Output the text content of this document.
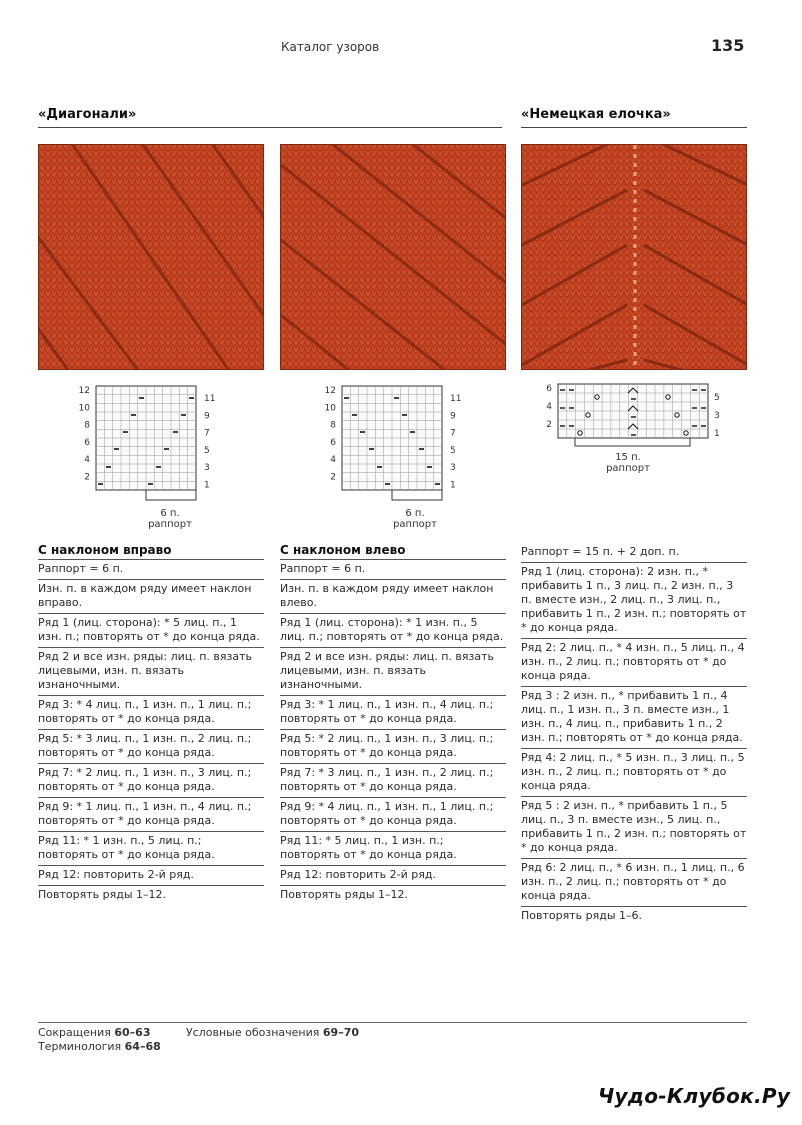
Каталог узоров	135
«Диагонали»	«Немецкая елочка»
12
10
8
6
4
2
11
9
7
5
3
1
6 п.
раппорт
12
10
8
6
4
2
11
9
7
5
3
1
6 п.
раппорт
6
4
2
5
3
1
15 п.
раппорт
С наклоном вправо
Раппорт = 6 п.
Изн. п. в каждом ряду имеет наклон вправо.
Ряд 1 (лиц. сторона): * 5 лиц. п., 1 изн. п.; повторять от * до конца ряда.
Ряд 2 и все изн. ряды: лиц. п. вязать лицевыми, изн. п. вязать изнаночными.
Ряд 3: * 4 лиц. п., 1 изн. п., 1 лиц. п.; повторять от * до конца ряда.
Ряд 5: * 3 лиц. п., 1 изн. п., 2 лиц. п.; повторять от * до конца ряда.
Ряд 7: * 2 лиц. п., 1 изн. п., 3 лиц. п.; повторять от * до конца ряда.
Ряд 9: * 1 лиц. п., 1 изн. п., 4 лиц. п.; повторять от * до конца ряда.
Ряд 11: * 1 изн. п., 5 лиц. п.; повторять от * до конца ряда.
Ряд 12: повторить 2-й ряд.
Повторять ряды 1–12.
С наклоном влево
Раппорт = 6 п.
Изн. п. в каждом ряду имеет наклон влево.
Ряд 1 (лиц. сторона): * 1 изн. п., 5 лиц. п.; повторять от * до конца ряда.
Ряд 2 и все изн. ряды: лиц. п. вязать лицевыми, изн. п. вязать изнаночными.
Ряд 3: * 1 лиц. п., 1 изн. п., 4 лиц. п.; повторять от * до конца ряда.
Ряд 5: * 2 лиц. п., 1 изн. п., 3 лиц. п.; повторять от * до конца ряда.
Ряд 7: * 3 лиц. п., 1 изн. п., 2 лиц. п.; повторять от * до конца ряда.
Ряд 9: * 4 лиц. п., 1 изн. п., 1 лиц. п.; повторять от * до конца ряда.
Ряд 11: * 5 лиц. п., 1 изн. п.; повторять от * до конца ряда.
Ряд 12: повторить 2-й ряд.
Повторять ряды 1–12.
Раппорт = 15 п. + 2 доп. п.
Ряд 1 (лиц. сторона): 2 изн. п., * прибавить 1 п., 3 лиц. п., 2 изн. п., 3 п. вместе изн., 2 лиц. п., 3 лиц. п., прибавить 1 п., 2 изн. п.; повторять от * до конца ряда.
Ряд 2: 2 лиц. п., * 4 изн. п., 5 лиц. п., 4 изн. п., 2 лиц. п.; повторять от * до конца ряда.
Ряд 3 : 2 изн. п., * прибавить 1 п., 4 лиц. п., 1 изн. п., 3 п. вместе изн., 1 изн. п., 4 лиц. п., прибавить 1 п., 2 изн. п.; повторять от * до конца ряда.
Ряд 4: 2 лиц. п., * 5 изн. п., 3 лиц. п., 5 изн. п., 2 лиц. п.; повторять от * до конца ряда.
Ряд 5 : 2 изн. п., * прибавить 1 п., 5 лиц. п., 3 п. вместе изн., 5 лиц. п., прибавить 1 п., 2 изн. п.; повторять от * до конца ряда.
Ряд 6: 2 лиц. п., * 6 изн. п., 1 лиц. п., 6 изн. п., 2 лиц. п.; повторять от * до конца ряда.
Повторять ряды 1–6.
Сокращения 60–63
Терминология 64–68
Условные обозначения 69–70
Чудо-Клубок.Ру
